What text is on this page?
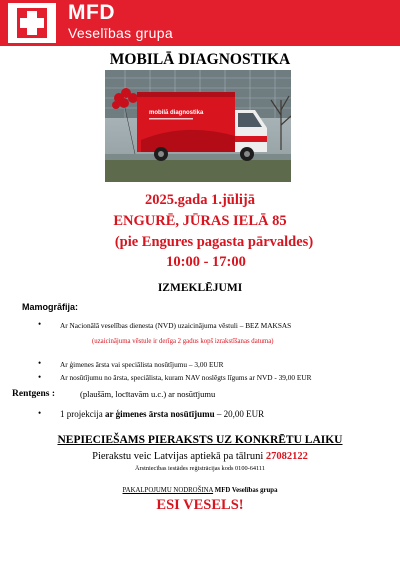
MFD
Veselības grupa
MOBILĀ DIAGNOSTIKA
mobilā diagnostika
2025.gada 1.jūlijā
ENGURĒ, JŪRAS IELĀ 85
(pie Engures pagasta pārvaldes)
10:00 - 17:00
IZMEKLĒJUMI
Mamogrāfija:
•	Ar Nacionālā veselības dienesta (NVD) uzaicinājuma vēstuli – BEZ MAKSAS
(uzaicinājuma vēstule ir derīga 2 gadus kopš izrakstīšanas datuma)
•	Ar ģimenes ārsta vai speciālista nosūtījumu – 3,00 EUR
•	Ar nosūtījumu no ārsta, speciālista, kuram NAV noslēgts līgums ar NVD - 39,00 EUR
Rentgens :	(plaušām, locītavām u.c.) ar nosūtījumu
• 1 projekcija ar ģimenes ārsta nosūtījumu – 20,00 EUR
NEPIECIEŠAMS PIERAKSTS UZ KONKRĒTU LAIKU
Pierakstu veic Latvijas aptiekā pa tālruni 27082122
Ārstniecības iestādes reģistrācijas kods 0100-64111
PAKALPOJUMU NODROŠINA MFD Veselības grupa
ESI VESELS!
